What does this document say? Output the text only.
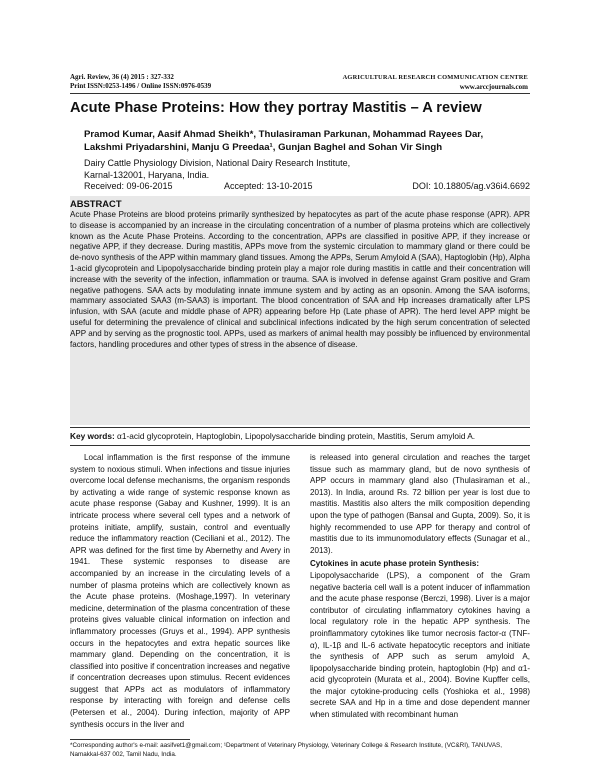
Agri. Review, 36 (4) 2015 : 327-332
Print ISSN:0253-1496 / Online ISSN:0976-0539
AGRICULTURAL RESEARCH COMMUNICATION CENTRE
www.arccjournals.com
Acute Phase Proteins: How they portray Mastitis – A review
Pramod Kumar, Aasif Ahmad Sheikh*, Thulasiraman Parkunan, Mohammad Rayees Dar, Lakshmi Priyadarshini, Manju G Preedaa¹, Gunjan Baghel and Sohan Vir Singh
Dairy Cattle Physiology Division, National Dairy Research Institute,
Karnal-132001, Haryana, India.
Received: 09-06-2015	Accepted: 13-10-2015	DOI: 10.18805/ag.v36i4.6692
ABSTRACT
Acute Phase Proteins are blood proteins primarily synthesized by hepatocytes as part of the acute phase response (APR). APR to disease is accompanied by an increase in the circulating concentration of a number of plasma proteins which are collectively known as the Acute Phase Proteins. According to the concentration, APPs are classified in positive APP, if they increase or negative APP, if they decrease. During mastitis, APPs move from the systemic circulation to mammary gland or there could be de-novo synthesis of the APP within mammary gland tissues. Among the APPs, Serum Amyloid A (SAA), Haptoglobin (Hp), Alpha 1-acid glycoprotein and Lipopolysaccharide binding protein play a major role during mastitis in cattle and their concentration will increase with the severity of the infection, inflammation or trauma. SAA is involved in defense against Gram positive and Gram negative pathogens. SAA acts by modulating innate immune system and by acting as an opsonin. Among the SAA isoforms, mammary associated SAA3 (m-SAA3) is important. The blood concentration of SAA and Hp increases dramatically after LPS infusion, with SAA (acute and middle phase of APR) appearing before Hp (Late phase of APR). The herd level APP might be useful for determining the prevalence of clinical and subclinical infections indicated by the high serum concentration of selected APP and by serving as the prognostic tool. APPs, used as markers of animal health may possibly be influenced by environmental factors, handling procedures and other types of stress in the absence of disease.
Key words: α1-acid glycoprotein, Haptoglobin, Lipopolysaccharide binding protein, Mastitis, Serum amyloid A.

Local inflammation is the first response of the immune system to noxious stimuli. When infections and tissue injuries overcome local defense mechanisms, the organism responds by activating a wide range of systemic response known as acute phase response (Gabay and Kushner, 1999). It is an intricate process where several cell types and a network of proteins initiate, amplify, sustain, control and eventually reduce the inflammatory reaction (Ceciliani et al., 2012). The APR was defined for the first time by Abernethy and Avery in 1941. These systemic responses to disease are accompanied by an increase in the circulating levels of a number of plasma proteins which are collectively known as the Acute phase proteins. (Moshage,1997). In veterinary medicine, determination of the plasma concentration of these proteins gives valuable clinical information on infection and inflammatory processes (Gruys et al., 1994). APP synthesis occurs in the hepatocytes and extra hepatic sources like mammary gland. Depending on the concentration, it is classified into positive if concentration increases and negative if concentration decreases upon stimulus. Recent evidences suggest that APPs act as modulators of inflammatory response by interacting with foreign and defense cells (Petersen et al., 2004). During infection, majority of APP synthesis occurs in the liver and

is released into general circulation and reaches the target tissue such as mammary gland, but de novo synthesis of APP occurs in mammary gland also (Thulasiraman et al., 2013). In India, around Rs. 72 billion per year is lost due to mastitis. Mastitis also alters the milk composition depending upon the type of pathogen (Bansal and Gupta, 2009). So, it is highly recommended to use APP for therapy and control of mastitis due to its immunomodulatory effects (Sunagar et al., 2013).

Cytokines in acute phase protein Synthesis:

Lipopolysaccharide (LPS), a component of the Gram negative bacteria cell wall is a potent inducer of inflammation and the acute phase response (Berczi, 1998). Liver is a major contributor of circulating inflammatory cytokines having a local regulatory role in the hepatic APP synthesis. The proinflammatory cytokines like tumor necrosis factor-α (TNF-α), IL-1β and IL-6 activate hepatocytic receptors and initiate the synthesis of APP such as serum amyloid A, lipopolysaccharide binding protein, haptoglobin (Hp) and α1-acid glycoprotein (Murata et al., 2004). Bovine Kupffer cells, the major cytokine-producing cells (Yoshioka et al., 1998) secrete SAA and Hp in a time and dose dependent manner when stimulated with recombinant human

*Corresponding author's e-mail: aasifvet1@gmail.com; ¹Department of Veterinary Physiology, Veterinary College & Research Institute, (VC&RI), TANUVAS, Namakkal-637 002, Tamil Nadu, India.
